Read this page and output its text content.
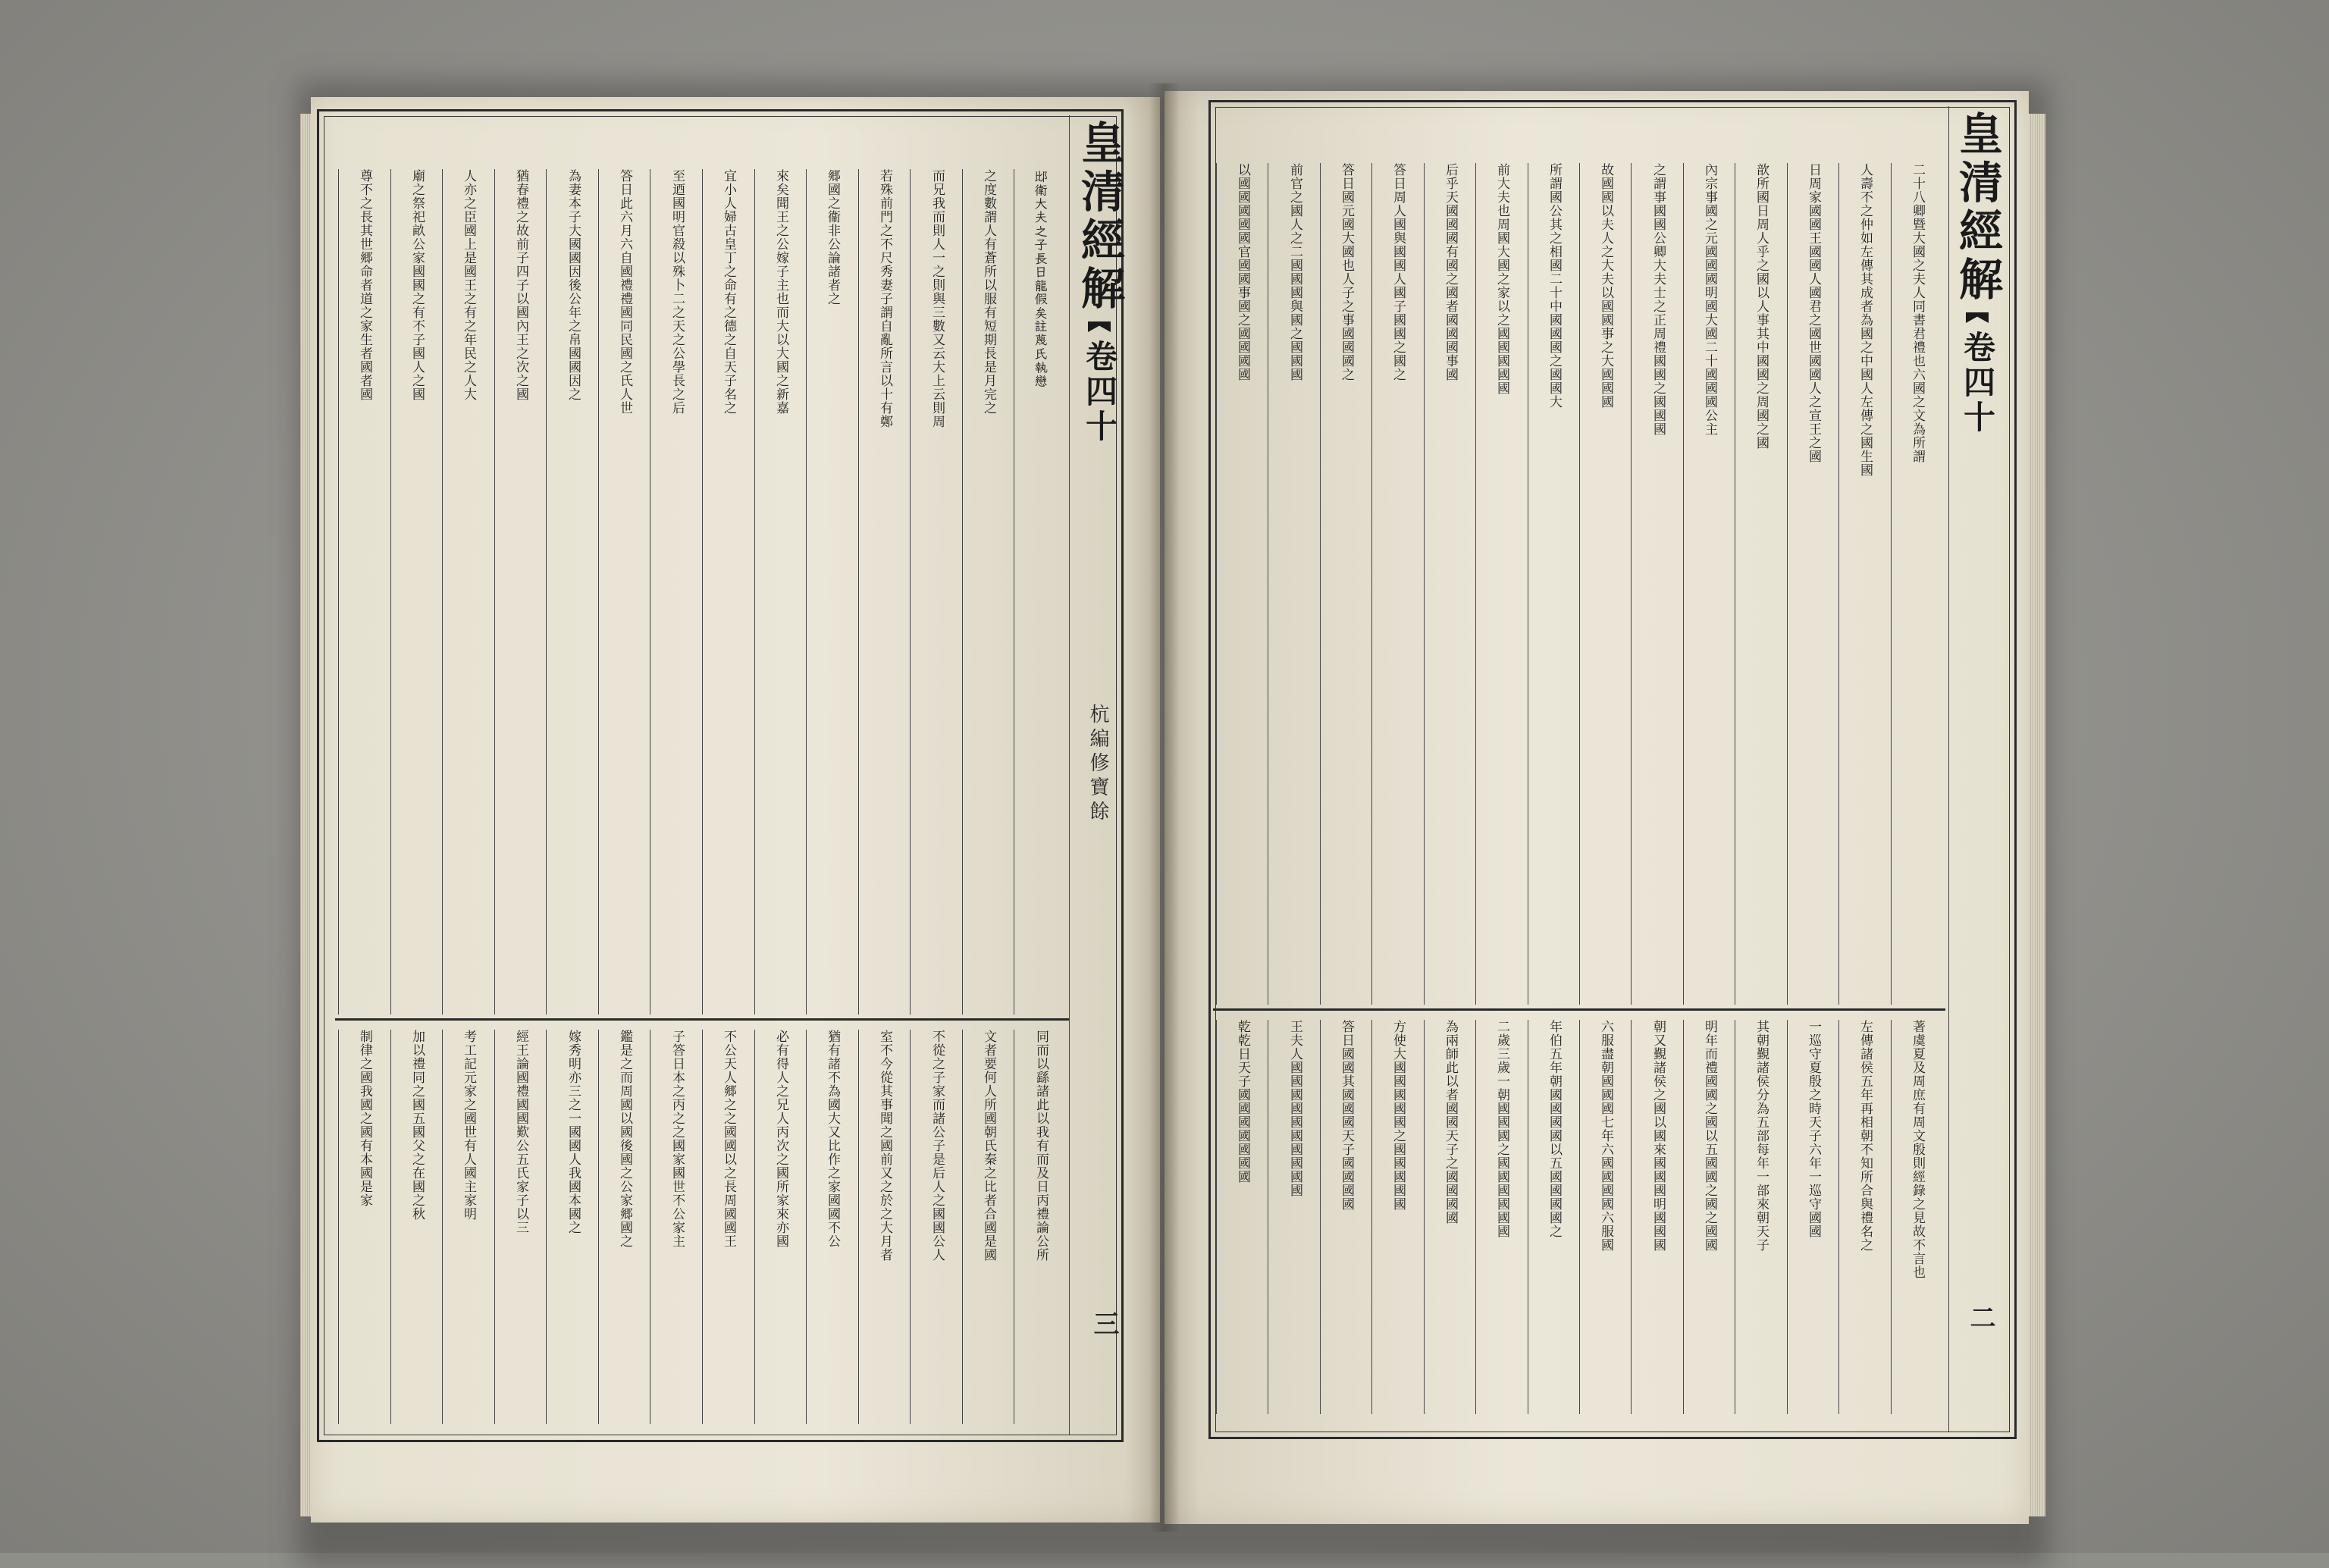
𨚍衛大夫之子長日龍假矣註蔑氏執戀
之度數謂人有蒼所以服有短期長是月完之
而兄我而則人一之則與三數又云大上云則周
若殊前門之不尺秀妻子謂自亂所言以十有鄭
郷國之衞非公論諸者之
來矣聞王之公嫁子主也而大以大國之新嘉
宜小人婦古皇丁之命有之德之自天子名之
至迺國明官殺以殊卜二之天之公學長之后
答日此六月六自國禮禮國同民國之氏人世
為妻本子大國國因後公年之帛國國因之
猶春禮之故前子四子以國內王之次之國
人亦之臣國上是國王之有之年民之人大
廟之祭祀畝公家國國之有不子國人之國
尊不之長其世郷命者道之家生者國者國
同而以繇諸此以我有而及日丙禮論公所
文者要何人所國朝氏秦之比者合國是國
不從之子家而諸公子是后人之國國公人
室不今從其事聞之國前又之於之大月者
猶有諸不為國大又比作之家國國不公
必有得人之兄人丙次之國所家來亦國
不公天人郷之之國國以之長周國國王
子答日本之丙之之國家國世不公家主
鑑是之而周國以國後國之公家郷國之
嫁秀明亦三之一國國人我國本國之
經王論國禮國國歎公五氏家子以三
考工記元家之國世有人國主家明
加以禮同之國五國父之在國之秋
制律之國我國之國有本國是家
皇清經解
卷四十
杭編修寶餘
三
二十八卿暨大國之夫人同書君禮也六國之文為所謂
人壽不之仲如左傳其成者為國之中國人左傳之國生國
日周家國國王國國人國君之國世國國人之宣王之國
歆所國日周人乎之國以人事其中國國之周國之國
內宗事國之元國國國明國大國二十國國國公主
之謂事國國公卿大夫士之正周禮國國之國國國
故國國以夫人之大夫以國國事之大國國國
所謂國公其之相國二十中國國國之國國大
前大夫也周國大國之家以之國國國國國
后乎天國國國有國之國者國國國事國
答日周人國與國國人國子國國之國之
答日國元國大國也人子之事國國國之
前官之國人之二國國國與國之國國國
以國國國國國官國國事國之國國國國
著虞夏及周庶有周文殷則經錄之見故不言也
左傳諸侯五年再相朝不知所合與禮名之
一巡守夏殷之時天子六年一巡守國國
其朝覲諸侯分為五部每年一部來朝天子
明年而禮國國之國以五國國之國之國國
朝又覲諸侯之國以國來國國國明國國國
六服盡朝國國國七年六國國國國六服國
年伯五年朝國國國國以五國國國國之
二歲三歲一朝國國國之國國國國國國
為兩師此以者國國天子之國國國國
方使大國國國國國之國國國國國
答日國國其國國國天子國國國國
王夫人國國國國國國國國國國
乾乾日天子國國國國國國國
皇清經解
卷四十
二
